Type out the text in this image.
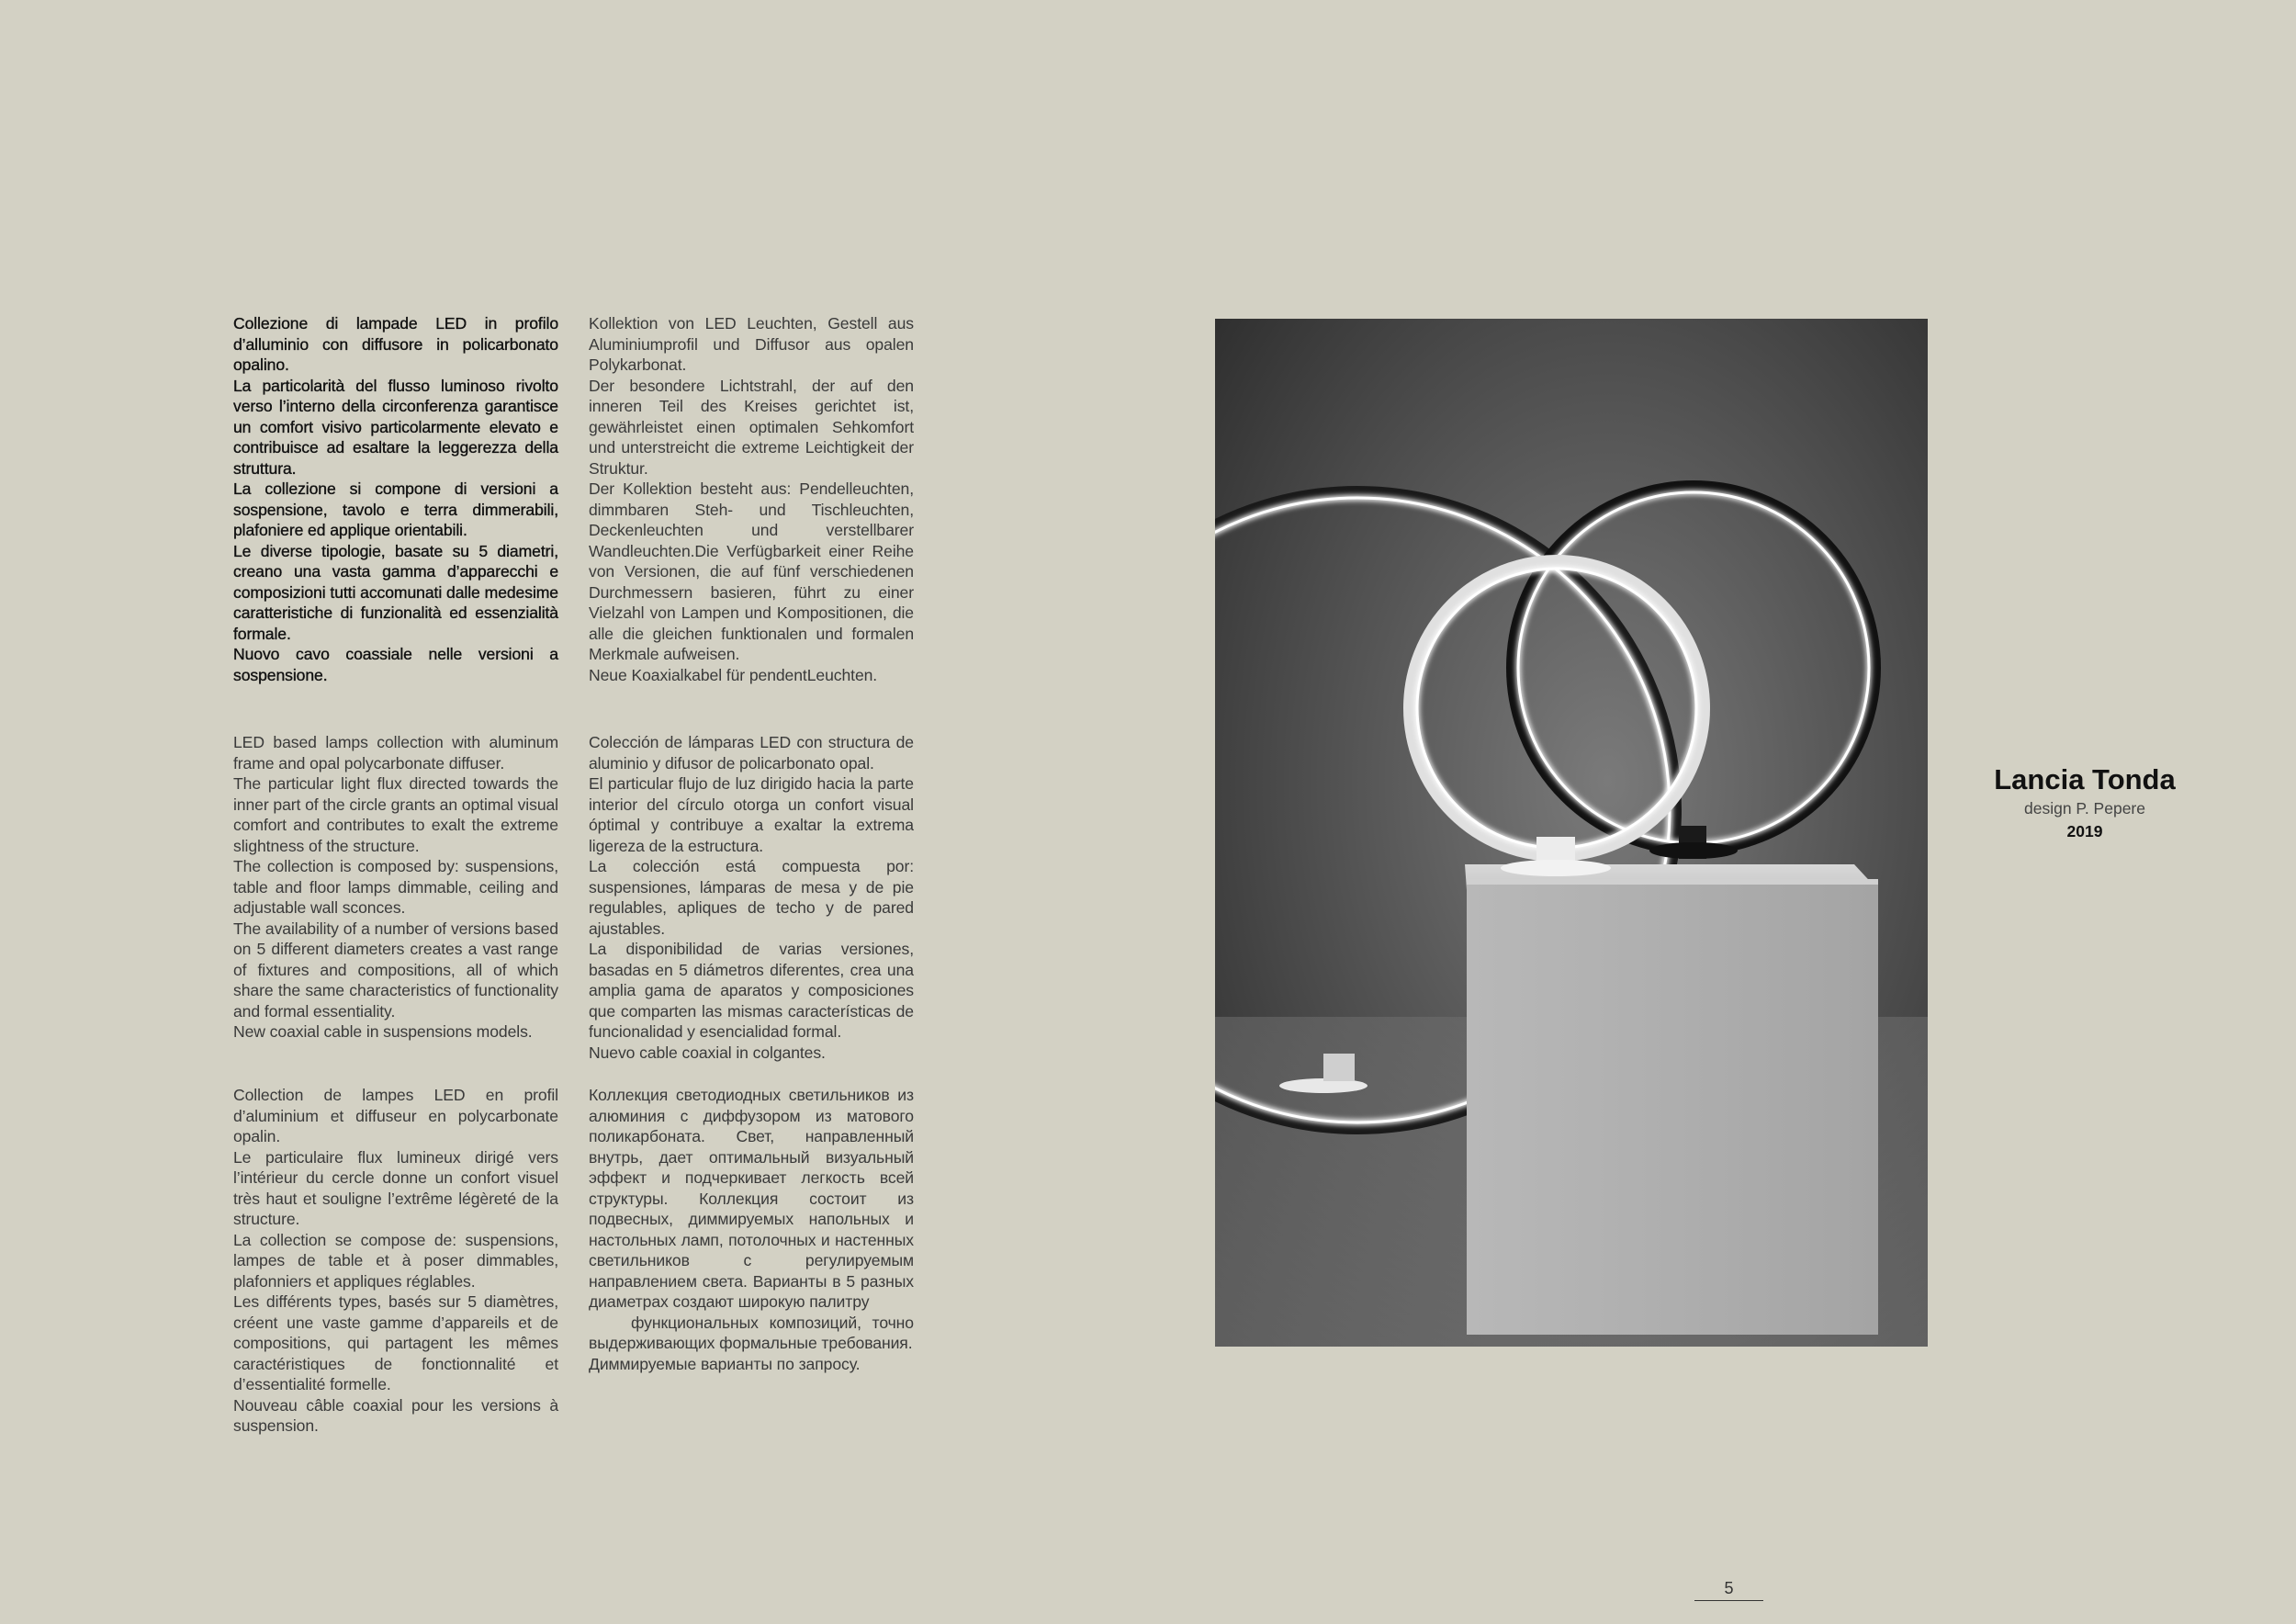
Collezione di lampade LED in profilo d’alluminio con diffusore in policarbonato opalino.

La particolarità del flusso luminoso rivolto verso l’interno della circonferenza garantisce un comfort visivo particolarmente elevato e contribuisce ad esaltare la leggerezza della struttura.

La collezione si compone di versioni a sospensione, tavolo e terra dimmerabili, plafoniere ed applique orientabili.

Le diverse tipologie, basate su 5 diametri, creano una vasta gamma d’apparecchi e composizioni tutti accomunati dalle medesime caratteristiche di funzionalità ed essenzialità formale.

Nuovo cavo coassiale nelle versioni a sospensione.

Kollektion von LED Leuchten, Gestell aus Aluminiumprofil und Diffusor aus opalen Polykarbonat.

Der besondere Lichtstrahl, der auf den inneren Teil des Kreises gerichtet ist, gewährleistet einen optimalen Sehkomfort und unterstreicht die extreme Leichtigkeit der Struktur.

Der Kollektion besteht aus: Pendelleuchten, dimmbaren Steh- und Tischleuchten, Deckenleuchten und verstellbarer Wandleuchten.Die Verfügbarkeit einer Reihe von Versionen, die auf fünf verschiedenen Durchmessern basieren, führt zu einer Vielzahl von Lampen und Kompositionen, die alle die gleichen funktionalen und formalen Merkmale aufweisen.

Neue Koaxialkabel für pendentLeuchten.

LED based lamps collection with aluminum frame and opal polycarbonate diffuser.

The particular light flux directed towards the inner part of the circle grants an optimal visual comfort and contributes to exalt the extreme slightness of the structure.

The collection is composed by: suspensions, table and floor lamps dimmable, ceiling and adjustable wall sconces.

The availability of a number of versions based on 5 different diameters creates a vast range of fixtures and compositions, all of which share the same characteristics of functionality and formal essentiality.

New coaxial cable in suspensions models.

Colección de lámparas LED con structura de aluminio y difusor de policarbonato opal.

El particular flujo de luz dirigido hacia la parte interior del círculo otorga un confort visual óptimal y contribuye a exaltar la extrema ligereza de la estructura.

La colección está compuesta por: suspensiones, lámparas de mesa y de pie regulables, apliques de techo y de pared ajustables.

La disponibilidad de varias versiones, basadas en 5 diámetros diferentes, crea una amplia gama de aparatos y composiciones que comparten las mismas características de funcionalidad y esencialidad formal.

Nuevo cable coaxial in colgantes.

Collection de lampes LED en profil d’aluminium et diffuseur en polycarbonate opalin.

Le particulaire flux lumineux dirigé vers l’intérieur du cercle donne un confort visuel très haut et souligne l’extrême légèreté de la structure.

La collection se compose de: suspensions, lampes de table et à poser dimmables, plafonniers et appliques réglables.

Les différents types, basés sur 5 diamètres, créent une vaste gamme d’appareils et de compositions, qui partagent les mêmes caractéristiques de fonctionnalité et d’essentialité formelle.

Nouveau câble coaxial pour les versions à suspension.

Коллекция светодиодных светильников из алюминия с диффузором из матового поликарбоната. Свет, направленный внутрь, дает оптимальный визуальный эффект и подчеркивает легкость всей структуры. Коллекция состоит из подвесных, диммируемых напольных и настольных ламп, потолочных и настенных светильников с регулируемым направлением света. Варианты в 5 разных диаметрах создают широкую палитру

функциональных композиций, точно выдерживающих формальные требования.

Диммируемые варианты по запросу.

Lancia Tonda
design P. Pepere
2019
5
